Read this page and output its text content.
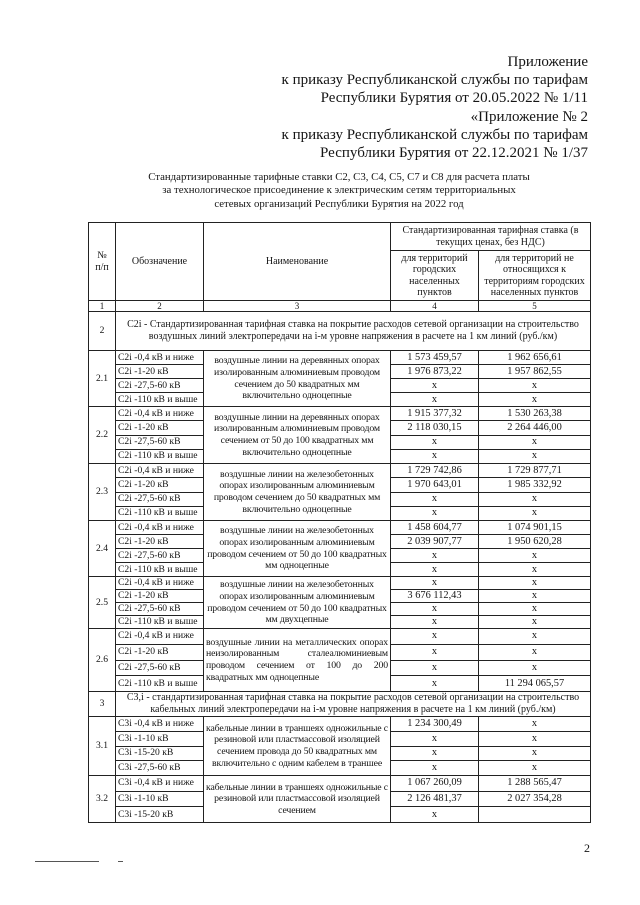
Приложение
к приказу Республиканской службы по тарифам
Республики Бурятия от 20.05.2022 № 1/11
«Приложение № 2
к приказу Республиканской службы по тарифам
Республики Бурятия от 22.12.2021 № 1/37
Стандартизированные тарифные ставки С2, С3, С4, С5, С7 и С8 для расчета платы
за технологическое присоединение к электрическим сетям территориальных
сетевых организаций Республики Бурятия на 2022 год
№
п/п	Обозначение	Наименование	Стандартизированная тарифная ставка (в текущих ценах, без НДС)	
			для территорий городских населенных пунктов	для территорий не относящихся к территориям городских населенных пунктов
1	2	3	4	5
2	С2i - Стандартизированная тарифная ставка на покрытие расходов сетевой организации на строительство воздушных линий электропередачи на i-м уровне напряжения в расчете на 1 км линий (руб./км)			
2.1	С2i -0,4 кВ и ниже	воздушные линии на деревянных опорах изолированным алюминиевым проводом сечением до 50 квадратных мм включительно одноцепные	1 573 459,57	1 962 656,61
	С2i -1-20 кВ		1 976 873,22	1 957 862,55
	С2i -27,5-60 кВ		х	х
	С2i -110 кВ и выше		х	х
2.2	С2i -0,4 кВ и ниже	воздушные линии на деревянных опорах изолированным алюминиевым проводом сечением от 50 до 100 квадратных мм включительно одноцепные	1 915 377,32	1 530 263,38
	С2i -1-20 кВ		2 118 030,15	2 264 446,00
	С2i -27,5-60 кВ		х	х
	С2i -110 кВ и выше		х	х
2.3	С2i -0,4 кВ и ниже	воздушные линии на железобетонных опорах изолированным алюминиевым проводом сечением до 50 квадратных мм включительно одноцепные	1 729 742,86	1 729 877,71
	С2i -1-20 кВ		1 970 643,01	1 985 332,92
	С2i -27,5-60 кВ		х	х
	С2i -110 кВ и выше		х	х
2.4	С2i -0,4 кВ и ниже	воздушные линии на железобетонных опорах изолированным алюминиевым проводом сечением от 50 до 100 квадратных мм одноцепные	1 458 604,77	1 074 901,15
	С2i -1-20 кВ		2 039 907,77	1 950 620,28
	С2i -27,5-60 кВ		х	х
	С2i -110 кВ и выше		х	х
2.5	С2i -0,4 кВ и ниже	воздушные линии на железобетонных опорах изолированным алюминиевым проводом сечением от 50 до 100 квадратных мм двухцепные	х	х
	С2i -1-20 кВ		3 676 112,43	х
	С2i -27,5-60 кВ		х	х
	С2i -110 кВ и выше		х	х
2.6	С2i -0,4 кВ и ниже	воздушные линии на металлических опорах неизолированным сталеалюминиевым проводом сечением от 100 до 200 квадратных мм одноцепные	х	х
	С2i -1-20 кВ		х	х
	С2i -27,5-60 кВ		х	х
	С2i -110 кВ и выше		х	11 294 065,57
3	С3,i - стандартизированная тарифная ставка на покрытие расходов сетевой организации на строительство кабельных линий электропередачи на i-м уровне напряжения в расчете на 1 км линий (руб./км)			
3.1	С3i -0,4 кВ и ниже	кабельные линии в траншеях одножильные с резиновой или пластмассовой изоляцией сечением провода до 50 квадратных мм включительно с одним кабелем в траншее	1 234 300,49	х
	С3i -1-10 кВ		х	х
	С3i -15-20 кВ		х	х
	С3i -27,5-60 кВ		х	х
3.2	С3i -0,4 кВ и ниже	кабельные линии в траншеях одножильные с резиновой или пластмассовой изоляцией сечением	1 067 260,09	1 288 565,47
	С3i -1-10 кВ		2 126 481,37	2 027 354,28
	С3i -15-20 кВ		х	
2
